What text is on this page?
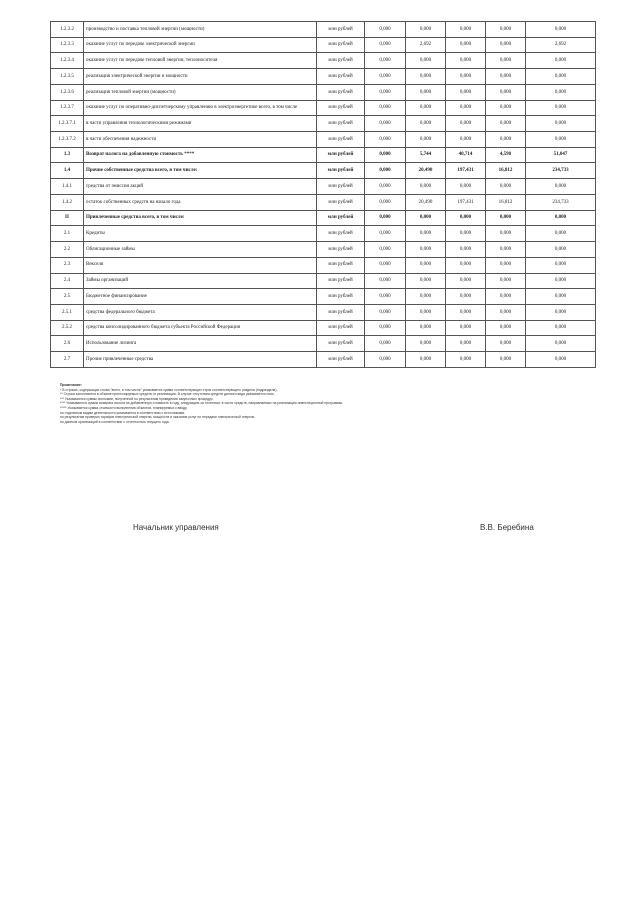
1.2.3.2	производство и поставка тепловой энергии (мощности)	млн рублей	0,000	0,000	0,000	0,000	0,000
1.2.3.3	оказание услуг по передаче электрической энергии	млн рублей	0,000	2,692	0,000	0,000	2,692
1.2.3.4	оказание услуг по передаче тепловой энергии, теплоносителя	млн рублей	0,000	0,000	0,000	0,000	0,000
1.2.3.5	реализация электрической энергии и мощности	млн рублей	0,000	0,000	0,000	0,000	0,000
1.2.3.6	реализация тепловой энергии (мощности)	млн рублей	0,000	0,000	0,000	0,000	0,000
1.2.3.7	оказание услуг по оперативно-диспетчерскому управлению в электроэнергетике всего, в том числе	млн рублей	0,000	0,000	0,000	0,000	0,000
1.2.3.7.1	в части управления технологическими режимами	млн рублей	0,000	0,000	0,000	0,000	0,000
1.2.3.7.2	в части обеспечения надежности	млн рублей	0,000	0,000	0,000	0,000	0,000
1.3	Возврат налога на добавленную стоимость ****	млн рублей	0,000	5,744	40,714	4,590	51,047
1.4	Прочие собственные средства всего, в том числе:	млн рублей	0,000	20,490	197,431	16,812	234,733
1.4.1	средства от эмиссии акций	млн рублей	0,000	0,000	0,000	0,000	0,000
1.4.2	остаток собственных средств на начало года	млн рублей	0,000	20,490	197,431	16,812	234,733
II	Привлеченные средства всего, в том числе:	млн рублей	0,000	0,000	0,000	0,000	0,000
2.1	Кредиты	млн рублей	0,000	0,000	0,000	0,000	0,000
2.2	Облигационные займы	млн рублей	0,000	0,000	0,000	0,000	0,000
2.3	Векселя	млн рублей	0,000	0,000	0,000	0,000	0,000
2.4	Займы организаций	млн рублей	0,000	0,000	0,000	0,000	0,000
2.5	Бюджетное финансирование	млн рублей	0,000	0,000	0,000	0,000	0,000
2.5.1	средства федерального бюджета	млн рублей	0,000	0,000	0,000	0,000	0,000
2.5.2	средства консолидированного бюджета субъекта Российской Федерации	млн рублей	0,000	0,000	0,000	0,000	0,000
2.6	Использование лизинга	млн рублей	0,000	0,000	0,000	0,000	0,000
2.7	Прочие привлеченные средства	млн рублей	0,000	0,000	0,000	0,000	0,000
Примечание:
* В строках, содержащих слова "всего, в том числе" указывается сумма соответствующих строк соответствующего раздела (подраздела).
** Строки заполняются в объеме прогнозируемых средств от реализации. В случае отсутствия средств данного вида указывается ноль.
*** Указываются суммы экономии, полученной по результатам проведения закупочных процедур.
**** Указываются суммы возврата налога на добавленную стоимость в году, следующем за отчетным, в части средств, направляемых на реализацию инвестиционной программы.
***** Указывается сумма стоимости выполнения объектов, планируемых к вводу.
по отдельным видам деятельности указывается в соответствии с источниками.
по результатам проверки тарифов электрической энергии, мощности и оказания услуг по передаче электрической энергии.
по данным организаций в соответствии с отчетностью текущего года.
Начальник управления	В.В. Беребина
